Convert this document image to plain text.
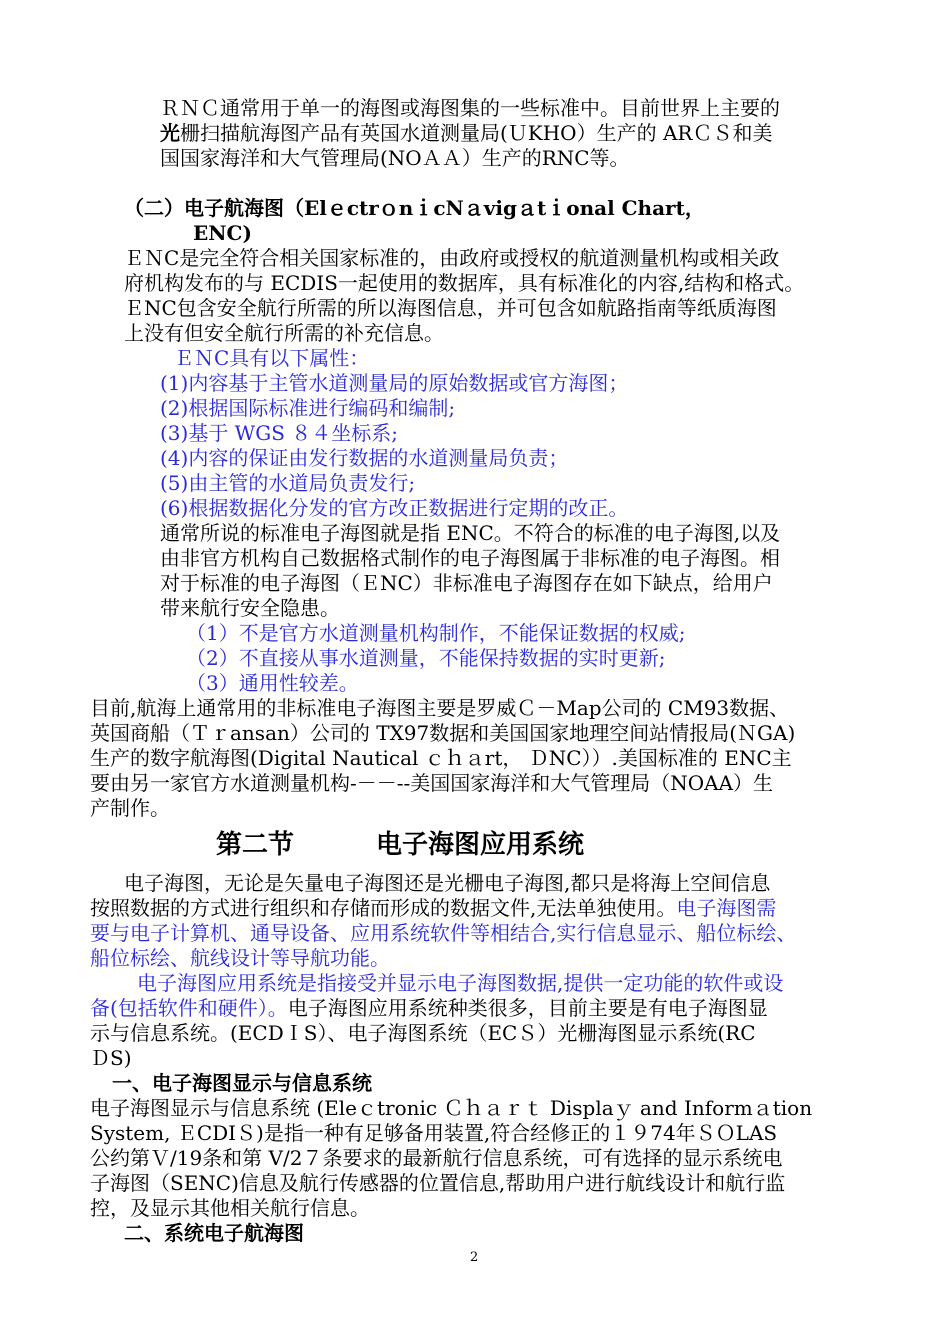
ＲＮＣ通常用于单一的海图或海图集的一些标准中。目前世界上主要的
光栅扫描航海图产品有英国水道测量局(ＵKHO）生产的 ARＣＳ和美
国国家海洋和大气管理局(NOＡＡ）生产的RNC等。
（二）电子航海图（ElｅctrｏnｉcNａvigａtｉonal Chart，
ENC)
ＥＮC是完全符合相关国家标准的，由政府或授权的航道测量机构或相关政
府机构发布的与 ECDIS一起使用的数据库，具有标准化的内容,结构和格式。
ＥNC包含安全航行所需的所以海图信息，并可包含如航路指南等纸质海图
上没有但安全航行所需的补充信息。
ＥＮC具有以下属性：
(1)内容基于主管水道测量局的原始数据或官方海图；
(2)根据国际标准进行编码和编制;
(3)基于 WGS ８４坐标系;
(4)内容的保证由发行数据的水道测量局负责；
(5)由主管的水道局负责发行;
(6)根据数据化分发的官方改正数据进行定期的改正。
通常所说的标准电子海图就是指 ENC。不符合的标准的电子海图,以及
由非官方机构自己数据格式制作的电子海图属于非标准的电子海图。相
对于标准的电子海图（ＥNC）非标准电子海图存在如下缺点，给用户
带来航行安全隐患。
（1）不是官方水道测量机构制作，不能保证数据的权威;
（2）不直接从事水道测量，不能保持数据的实时更新;
（3）通用性较差。
目前,航海上通常用的非标准电子海图主要是罗威Ｃ－Map公司的 CM93数据、
英国商船（Ｔｒansan）公司的 TX97数据和美国国家地理空间站情报局(ＮGA)
生产的数字航海图(Digital Nautical ｃｈａrt， ＤNC））.美国标准的 ENC主
要由另一家官方水道测量机构-－－--美国国家海洋和大气管理局（NOAA）生
产制作。
第二节	电子海图应用系统
电子海图，无论是矢量电子海图还是光栅电子海图,都只是将海上空间信息
按照数据的方式进行组织和存储而形成的数据文件,无法单独使用。电子海图需
要与电子计算机、通导设备、应用系统软件等相结合,实行信息显示、船位标绘、
船位标绘、航线设计等导航功能。
电子海图应用系统是指接受并显示电子海图数据,提供一定功能的软件或设
备(包括软件和硬件）。电子海图应用系统种类很多，目前主要是有电子海图显
示与信息系统。(ECDＩS）、电子海图系统（ECＳ）光栅海图显示系统(RC
ＤS)
一、电子海图显示与信息系统
电子海图显示与信息系统 (Eleｃtronic Ｃｈａｒｔ Displaｙ and Informａtion
System, ＥCDIＳ)是指一种有足够备用装置,符合经修正的１９74年ＳＯLAS
公约第Ｖ/19条和第 V/2７条要求的最新航行信息系统，可有选择的显示系统电
子海图（SENC)信息及航行传感器的位置信息,帮助用户进行航线设计和航行监
控，及显示其他相关航行信息。
二、系统电子航海图
2
